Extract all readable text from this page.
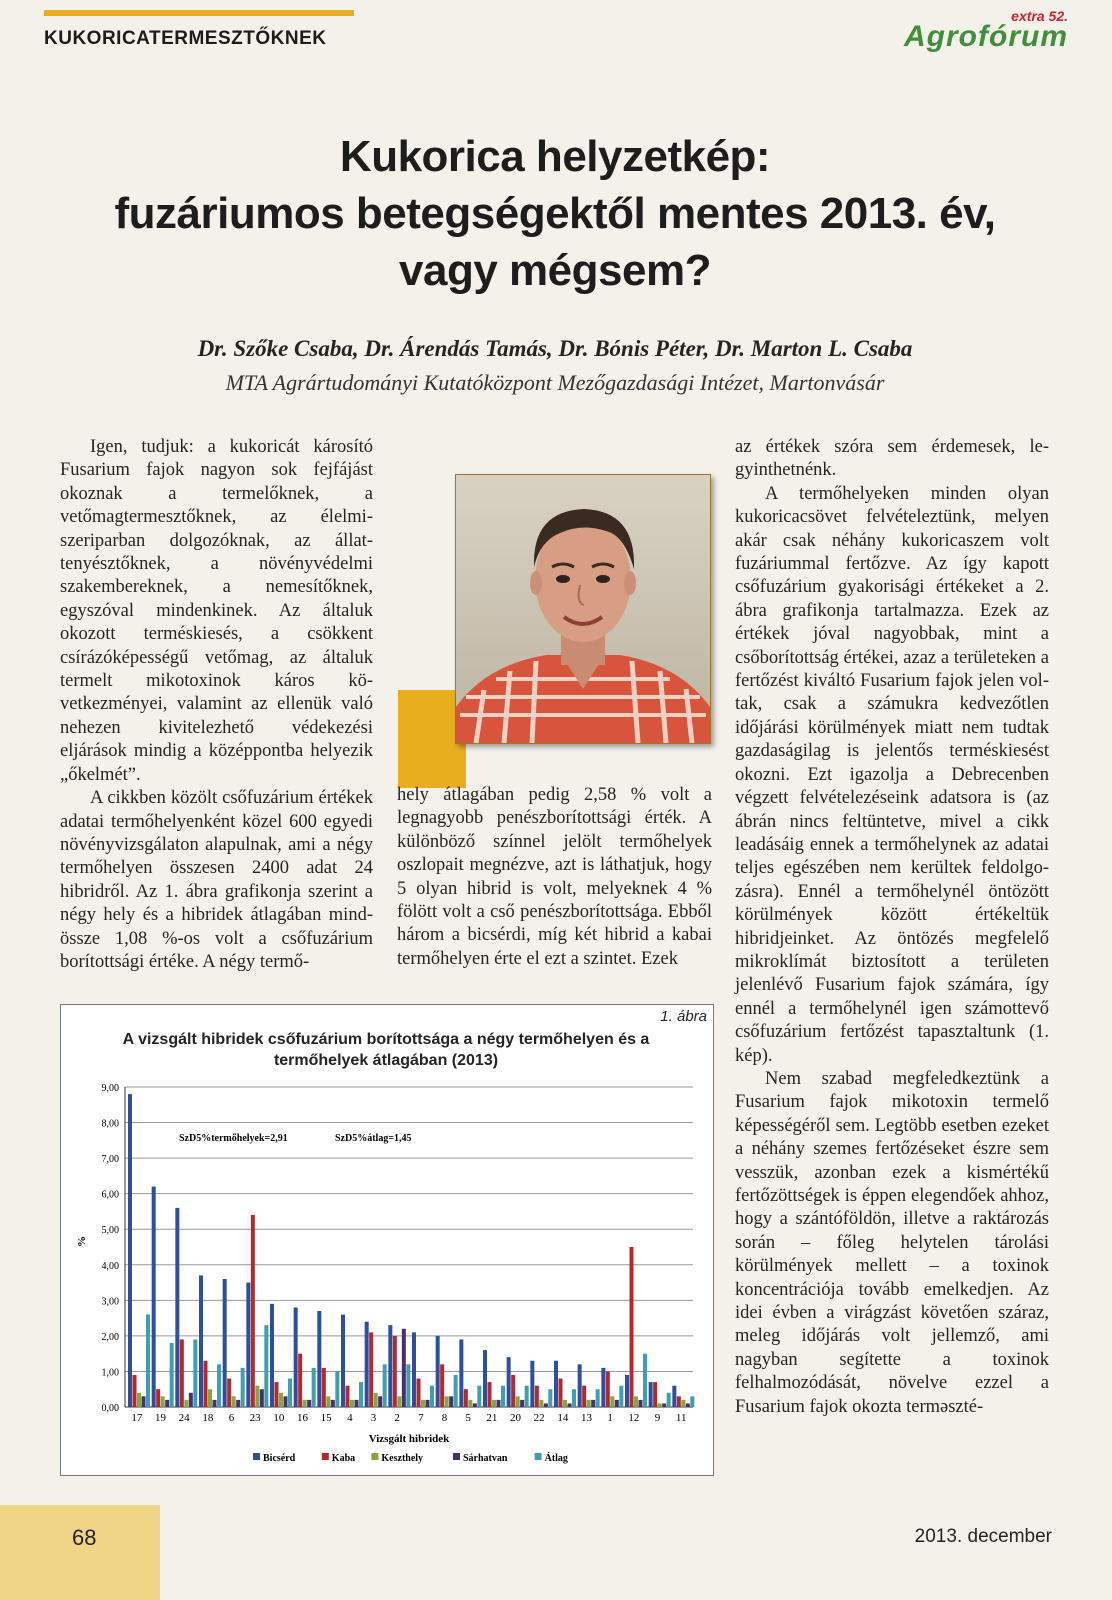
KUKORICATERMESZTŐKNEK
extra 52.
Agrofórum
Kukorica helyzetkép:
fuzáriumos betegségektől mentes 2013. év,
vagy mégsem?
Dr. Szőke Csaba, Dr. Árendás Tamás, Dr. Bónis Péter, Dr. Marton L. Csaba
MTA Agrártudományi Kutatóközpont Mezőgazdasági Intézet, Martonvásár

Igen, tudjuk: a kukoricát károsító Fusarium fajok nagyon sok fejfájást okoznak a termelőknek, a vetőmagtermesztőknek, az élelmiszeriparban dolgozóknak, az állattenyésztőknek, a növényvédelmi szakembereknek, a nemesítőknek, egyszóval mindenkinek. Az általuk okozott terméskiesés, a csökkent csírázóképességű vetőmag, az általuk termelt mikotoxinok káros következményei, valamint az ellenük való nehezen kivitelezhető védekezési eljárások mindig a középpontba helyezik „őkelmét”.

A cikkben közölt csőfuzárium értékek adatai termőhelyenként közel 600 egyedi növényvizsgálaton alapulnak, ami a négy termőhelyen összesen 2400 adat 24 hibridről. Az 1. ábra grafikonja szerint a négy hely és a hibridek átlagában mindössze 1,08 %-os volt a csőfuzárium borítottsági értéke. A négy termő-

hely átlagában pedig 2,58 % volt a legnagyobb penészborítottsági érték. A különböző színnel jelölt termőhelyek oszlopait megnézve, azt is láthatjuk, hogy 5 olyan hibrid is volt, melyeknek 4 % fölött volt a cső penészborítottsága. Ebből három a bicsérdi, míg két hibrid a kabai termőhelyen érte el ezt a szintet. Ezek

az értékek szóra sem érdemesek, legyinthetnénk.

A termőhelyeken minden olyan kukoricacsövet felvételeztünk, melyen akár csak néhány kukoricaszem volt fuzáriummal fertőzve. Az így kapott csőfuzárium gyakorisági értékeket a 2. ábra grafikonja tartalmazza. Ezek az értékek jóval nagyobbak, mint a csőborítottság értékei, azaz a területeken a fertőzést kiváltó Fusarium fajok jelen voltak, csak a számukra kedvezőtlen időjárási körülmények miatt nem tudtak gazdaságilag is jelentős terméskiesést okozni. Ezt igazolja a Debrecenben végzett felvételezéseink adatsora is (az ábrán nincs feltüntetve, mivel a cikk leadásáig ennek a termőhelynek az adatai teljes egészében nem kerültek feldolgozásra). Ennél a termőhelynél öntözött körülmények között értékeltük hibridjeinket. Az öntözés megfelelő mikroklímát biztosított a területen jelenlévő Fusarium fajok számára, így ennél a termőhelynél igen számottevő csőfuzárium fertőzést tapasztaltunk (1. kép).

Nem szabad megfeledkeztünk a Fusarium fajok mikotoxin termelő képességéről sem. Legtöbb esetben ezeket a néhány szemes fertőzéseket észre sem vesszük, azonban ezek a kismértékű fertőzöttségek is éppen elegendőek ahhoz, hogy a szántóföldön, illetve a raktározás során – főleg helytelen tárolási körülmények mellett – a toxinok koncentrációja tovább emelkedjen. Az idei évben a virágzást követően száraz, meleg időjárás volt jellemző, ami nagyban segítette a toxinok felhalmozódását, növelve ezzel a Fusarium fajok okozta terməszté-

1. ábra
A vizsgált hibridek csőfuzárium borítottsága a négy termőhelyen és a termőhelyek átlagában (2013)
0,00
1,00
2,00
3,00
4,00
5,00
6,00
7,00
8,00
9,00
%
17 19 24 18 6 23 10 16 15 4 3 2 7 8 5 21 20 22 14 13 1 12 9 11
Vizsgált hibridek
SzD5%termőhelyek=2,91	SzD5%átlag=1,45
Bicsérd	Kaba	Keszthely	Sárhatvan	Átlag
68	2013. december
